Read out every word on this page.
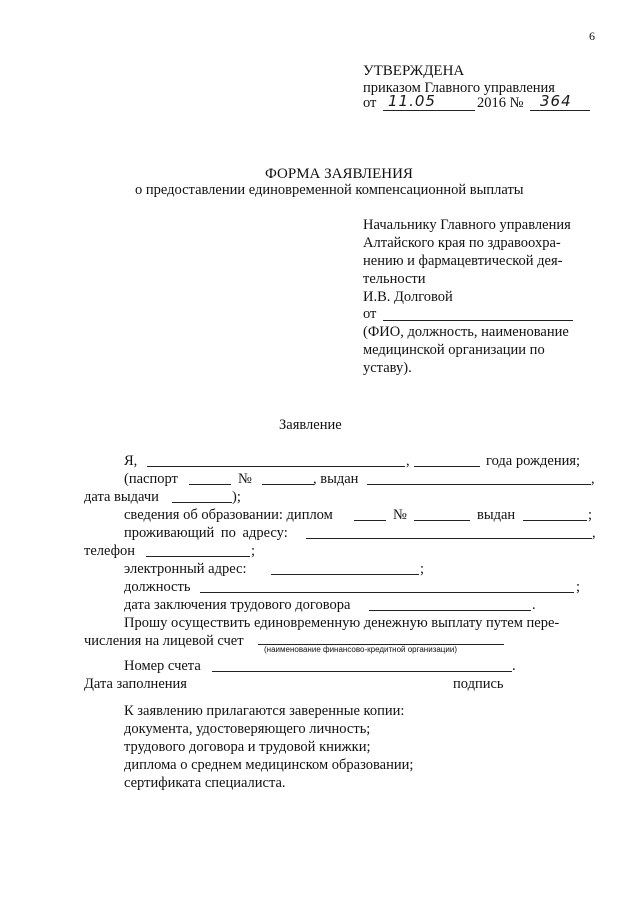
6
УТВЕРЖДЕНА
приказом Главного управления
от 11.05	2016 № 364
ФОРМА ЗАЯВЛЕНИЯ
о предоставлении единовременной компенсационной выплаты
Начальнику Главного управления
Алтайского края по здравоохра-
нению и фармацевтической дея-
тельности
И.В. Долговой
от
(ФИО, должность, наименование
медицинской организации по
уставу).
Заявление
Я,	,	года рождения;
(паспорт	№	, выдан	,
дата выдачи	);
сведения об образовании: диплом	№	выдан	;
проживающий по адресу:	,
телефон	;
электронный адрес:	;
должность	;
дата заключения трудового договора	.
Прошу осуществить единовременную денежную выплату путем пере-
числения на лицевой счет
(наименование финансово-кредитной организации)
Номер счета	.
Дата заполнения	подпись
К заявлению прилагаются заверенные копии:
документа, удостоверяющего личность;
трудового договора и трудовой книжки;
диплома о среднем медицинском образовании;
сертификата специалиста.
